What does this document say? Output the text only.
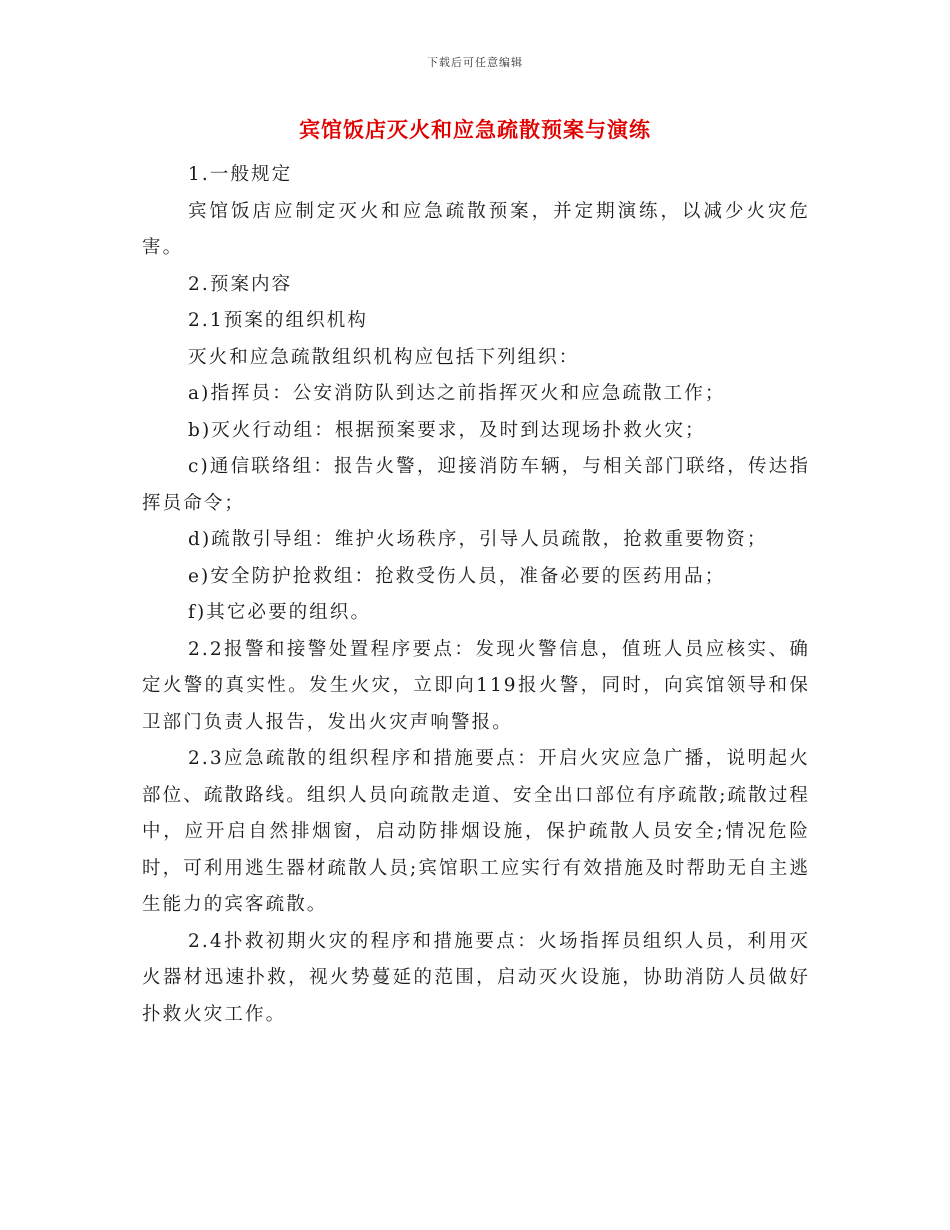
下载后可任意编辑
宾馆饭店灭火和应急疏散预案与演练

1.一般规定

宾馆饭店应制定灭火和应急疏散预案，并定期演练，以减少火灾危害。

2.预案内容

2.1预案的组织机构

灭火和应急疏散组织机构应包括下列组织：

a)指挥员：公安消防队到达之前指挥灭火和应急疏散工作；

b)灭火行动组：根据预案要求，及时到达现场扑救火灾；

c)通信联络组：报告火警，迎接消防车辆，与相关部门联络，传达指挥员命令；

d)疏散引导组：维护火场秩序，引导人员疏散，抢救重要物资；

e)安全防护抢救组：抢救受伤人员，准备必要的医药用品；

f)其它必要的组织。

2.2报警和接警处置程序要点：发现火警信息，值班人员应核实、确定火警的真实性。发生火灾，立即向119报火警，同时，向宾馆领导和保卫部门负责人报告，发出火灾声响警报。

2.3应急疏散的组织程序和措施要点：开启火灾应急广播，说明起火部位、疏散路线。组织人员向疏散走道、安全出口部位有序疏散;疏散过程中，应开启自然排烟窗，启动防排烟设施，保护疏散人员安全;情况危险时，可利用逃生器材疏散人员;宾馆职工应实行有效措施及时帮助无自主逃生能力的宾客疏散。

2.4扑救初期火灾的程序和措施要点：火场指挥员组织人员，利用灭火器材迅速扑救，视火势蔓延的范围，启动灭火设施，协助消防人员做好扑救火灾工作。
